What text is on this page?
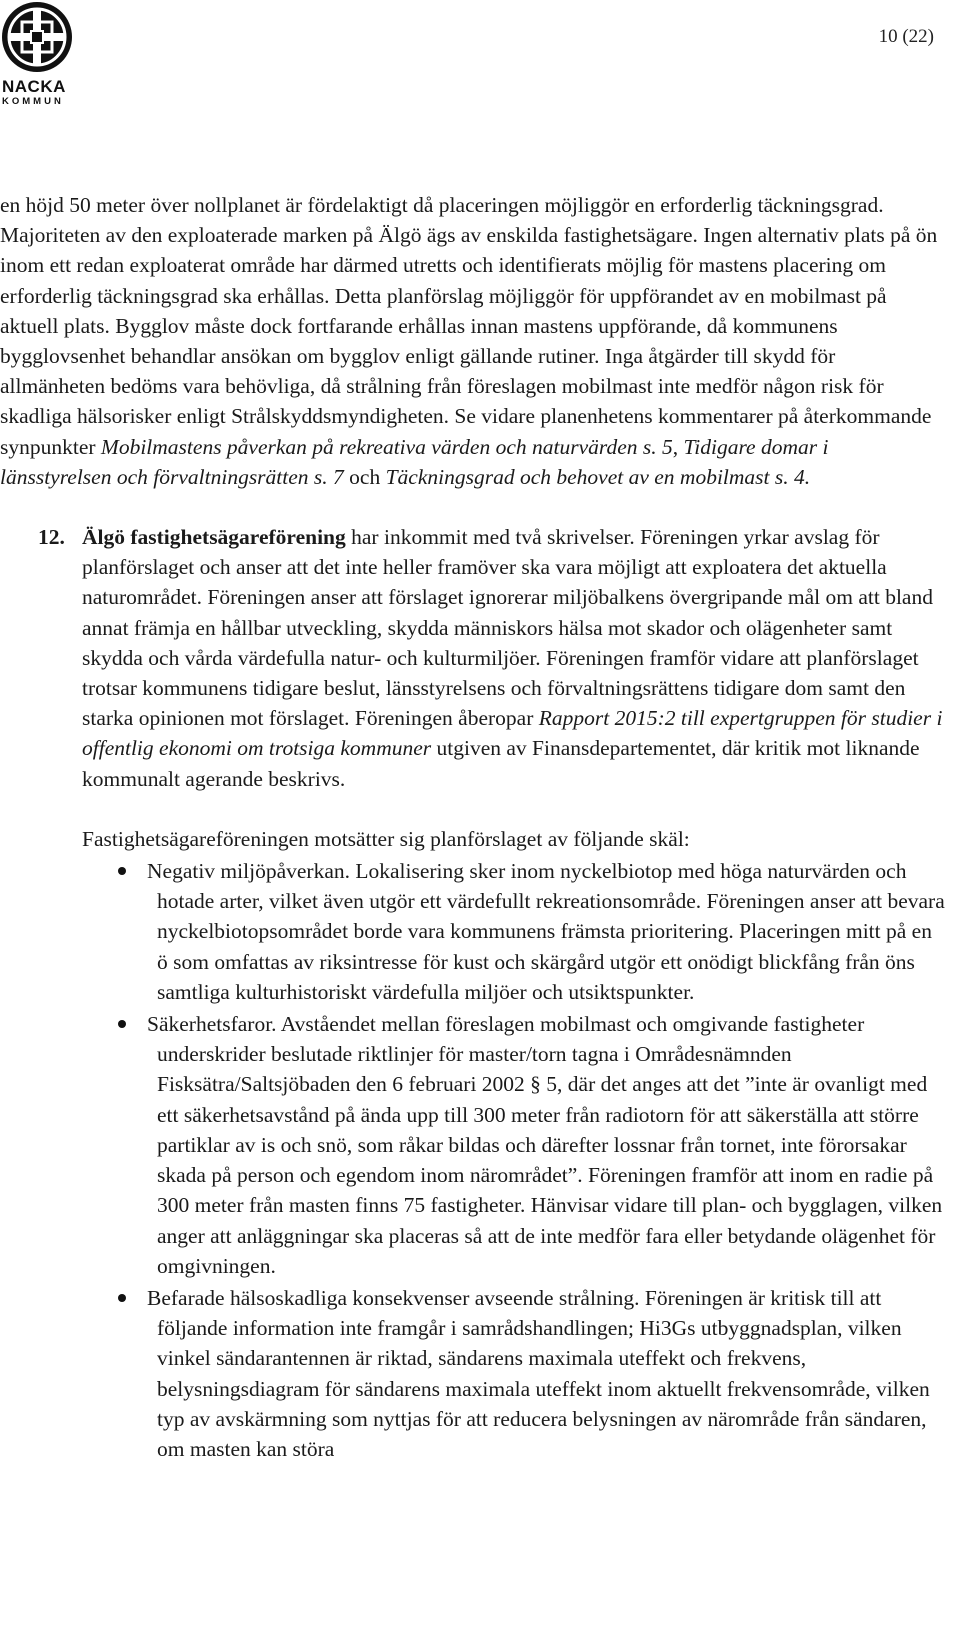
NACKA
KOMMUN
10 (22)

en höjd 50 meter över nollplanet är fördelaktigt då placeringen möjliggör en erforderlig täckningsgrad. Majoriteten av den exploaterade marken på Älgö ägs av enskilda fastighetsägare. Ingen alternativ plats på ön inom ett redan exploaterat område har därmed utretts och identifierats möjlig för mastens placering om erforderlig täckningsgrad ska erhållas. Detta planförslag möjliggör för uppförandet av en mobilmast på aktuell plats. Bygglov måste dock fortfarande erhållas innan mastens uppförande, då kommunens bygglovsenhet behandlar ansökan om bygglov enligt gällande rutiner. Inga åtgärder till skydd för allmänheten bedöms vara behövliga, då strålning från föreslagen mobilmast inte medför någon risk för skadliga hälsorisker enligt Strålskyddsmyndigheten. Se vidare planenhetens kommentarer på återkommande synpunkter Mobilmastens påverkan på rekreativa värden och naturvärden s. 5, Tidigare domar i länsstyrelsen och förvaltningsrätten s. 7 och Täckningsgrad och behovet av en mobilmast s. 4.

12. Älgö fastighetsägareförening har inkommit med två skrivelser. Föreningen yrkar avslag för planförslaget och anser att det inte heller framöver ska vara möjligt att exploatera det aktuella naturområdet. Föreningen anser att förslaget ignorerar miljöbalkens övergripande mål om att bland annat främja en hållbar utveckling, skydda människors hälsa mot skador och olägenheter samt skydda och vårda värdefulla natur- och kulturmiljöer. Föreningen framför vidare att planförslaget trotsar kommunens tidigare beslut, länsstyrelsens och förvaltningsrättens tidigare dom samt den starka opinionen mot förslaget. Föreningen åberopar Rapport 2015:2 till expertgruppen för studier i offentlig ekonomi om trotsiga kommuner utgiven av Finansdepartementet, där kritik mot liknande kommunalt agerande beskrivs.

Fastighetsägareföreningen motsätter sig planförslaget av följande skäl:

Negativ miljöpåverkan. Lokalisering sker inom nyckelbiotop med höga naturvärden och hotade arter, vilket även utgör ett värdefullt rekreationsområde. Föreningen anser att bevara nyckelbiotopsområdet borde vara kommunens främsta prioritering. Placeringen mitt på en ö som omfattas av riksintresse för kust och skärgård utgör ett onödigt blickfång från öns samtliga kulturhistoriskt värdefulla miljöer och utsiktspunkter.
Säkerhetsfaror. Avståendet mellan föreslagen mobilmast och omgivande fastigheter underskrider beslutade riktlinjer för master/torn tagna i Områdesnämnden Fisksätra/Saltsjöbaden den 6 februari 2002 § 5, där det anges att det ”inte är ovanligt med ett säkerhetsavstånd på ända upp till 300 meter från radiotorn för att säkerställa att större partiklar av is och snö, som råkar bildas och därefter lossnar från tornet, inte förorsakar skada på person och egendom inom närområdet”. Föreningen framför att inom en radie på 300 meter från masten finns 75 fastigheter. Hänvisar vidare till plan- och bygglagen, vilken anger att anläggningar ska placeras så att de inte medför fara eller betydande olägenhet för omgivningen.
Befarade hälsoskadliga konsekvenser avseende strålning. Föreningen är kritisk till att följande information inte framgår i samrådshandlingen; Hi3Gs utbyggnadsplan, vilken vinkel sändarantennen är riktad, sändarens maximala uteffekt och frekvens, belysningsdiagram för sändarens maximala uteffekt inom aktuellt frekvensområde, vilken typ av avskärmning som nyttjas för att reducera belysningen av närområde från sändaren, om masten kan störa
